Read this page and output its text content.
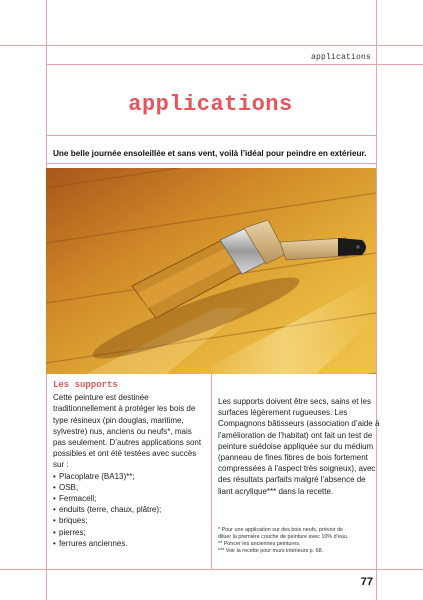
applications
applications
Une belle journée ensoleillée et sans vent, voilà l’idéal pour peindre en extérieur.
Les supports

Cette peinture est destinée traditionnellement à protéger les bois de type résineux (pin douglas, maritime, sylvestre) nus, anciens ou neufs*, mais pas seulement. D’autres applications sont possibles et ont été testées avec succès sur :

• Placoplatre (BA13)**;
• OSB;
• Fermacell;
• enduits (terre, chaux, plâtre);
• briques;
• pierres;
• ferrures anciennes.

Les supports doivent être secs, sains et les surfaces légèrement rugueuses. Les Compagnons bâtisseurs (association d’aide à l’amélioration de l’habitat) ont fait un test de peinture suédoise appliquée sur du médium (panneau de fines fibres de bois fortement compressées à l’aspect très soigneux), avec des résultats parfaits malgré l’absence de liant acrylique*** dans la recette.

* Pour une application sur des bois neufs, prévoir de
diluer la première couche de peinture avec 10% d’eau.
** Poncer les anciennes peintures.
*** Voir la recette pour murs intérieurs p. 68.
77
